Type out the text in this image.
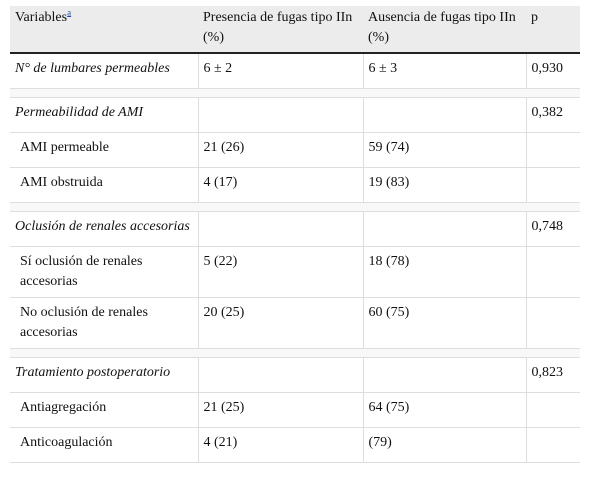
Variables$^a$	Presencia de fugas tipo IIn (%)	Ausencia de fugas tipo IIn (%)	p
N° de lumbares permeables	6 ± 2	6 ± 3	0,930

Permeabilidad de AMI			0,382
AMI permeable	21 (26)	59 (74)	
AMI obstruida	4 (17)	19 (83)	

Oclusión de renales accesorias			0,748
Sí oclusión de renales accesorias	5 (22)	18 (78)	
No oclusión de renales accesorias	20 (25)	60 (75)	

Tratamiento postoperatorio			0,823
Antiagregación	21 (25)	64 (75)	
Anticoagulación	4 (21)	(79)	
